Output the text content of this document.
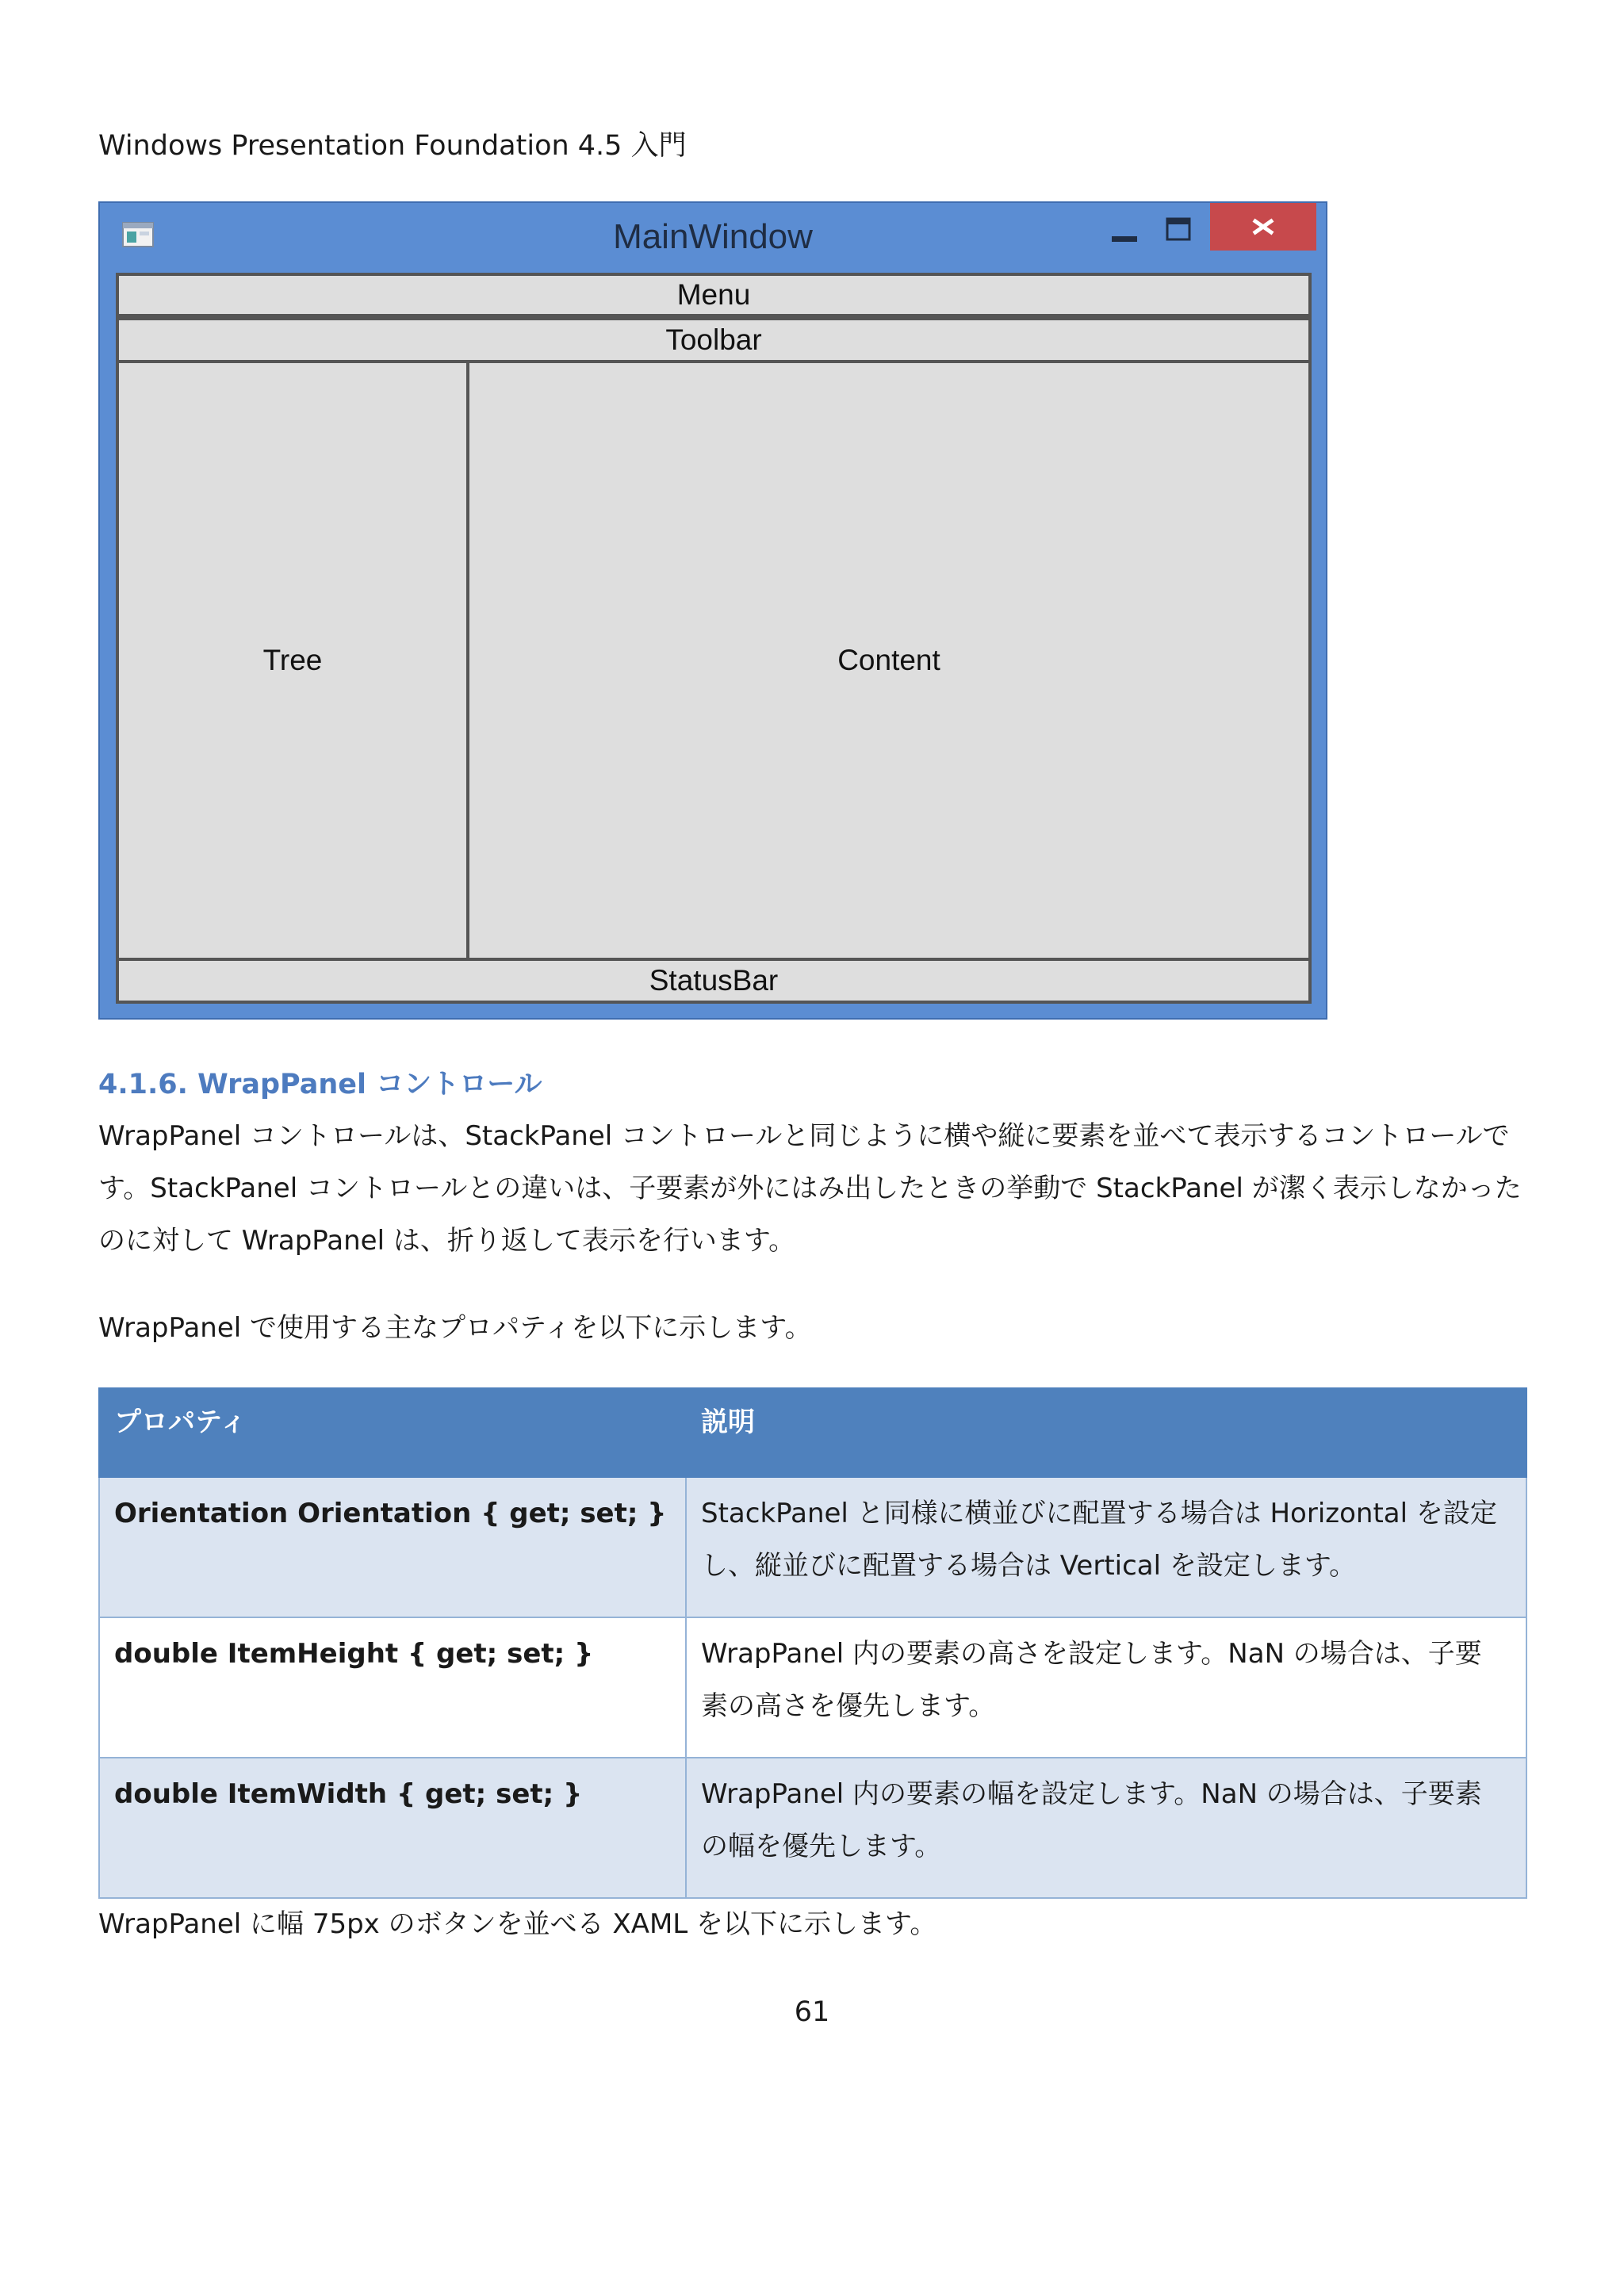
Windows Presentation Foundation 4.5 入門
MainWindow
Menu
Toolbar
Tree	Content
StatusBar
4.1.6. WrapPanel コントロール
WrapPanel コントロールは、StackPanel コントロールと同じように横や縦に要素を並べて表示するコントロールで
す。StackPanel コントロールとの違いは、子要素が外にはみ出したときの挙動で StackPanel が潔く表示しなかった
のに対して WrapPanel は、折り返して表示を行います。
WrapPanel で使用する主なプロパティを以下に示します。
プロパティ	説明
Orientation Orientation { get; set; }	StackPanel と同様に横並びに配置する場合は Horizontal を設定
し、縦並びに配置する場合は Vertical を設定します。

double ItemHeight { get; set; }	WrapPanel 内の要素の高さを設定します。NaN の場合は、子要
素の高さを優先します。

double ItemWidth { get; set; }	WrapPanel 内の要素の幅を設定します。NaN の場合は、子要素
の幅を優先します。
WrapPanel に幅 75px のボタンを並べる XAML を以下に示します。
61
